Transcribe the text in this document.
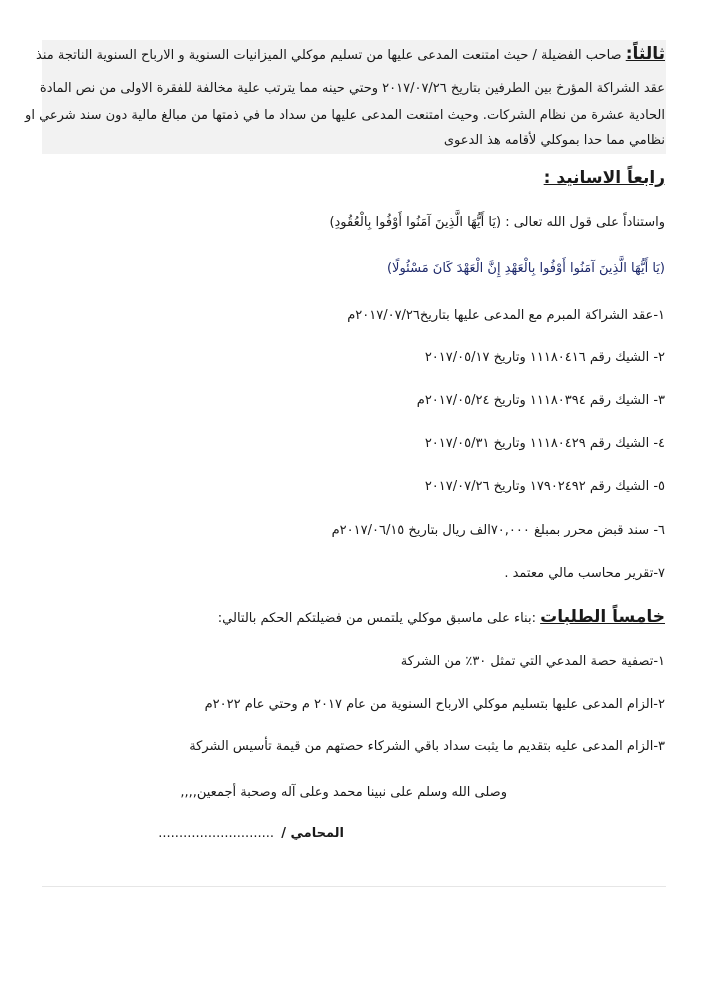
ثالثاً: صاحب الفضيلة / حيث امتنعت المدعى عليها من تسليم موكلي الميزانيات السنوية و الارباح السنوية الناتجة منذ
عقد الشراكة المؤرخ بين الطرفين بتاريخ ٢٠١٧/٠٧/٢٦ وحتي حينه مما يترتب علية مخالفة للفقرة الاولى من نص المادة
الحادية عشرة من نظام الشركات. وحيث امتنعت المدعى عليها من سداد ما في ذمتها من مبالغ مالية دون سند شرعي او
نظامي مما حدا بموكلي لأقامه هذ الدعوى
رابعاً الاسانيد :
واستناداً على قول الله تعالى : (يَا أَيُّهَا الَّذِينَ آمَنُوا أَوْفُوا بِالْعُقُودِ)
(يَا أَيُّهَا الَّذِينَ آمَنُوا أَوْفُوا بِالْعَهْدِ إِنَّ الْعَهْدَ كَانَ مَسْئُولًا)
١-عقد الشراكة المبرم مع المدعى عليها بتاريخ٢٠١٧/٠٧/٢٦م
٢- الشيك رقم ١١١٨٠٤١٦ وتاريخ ٢٠١٧/٠٥/١٧
٣- الشيك رقم ١١١٨٠٣٩٤ وتاريخ ٢٠١٧/٠٥/٢٤م
٤- الشيك رقم ١١١٨٠٤٢٩ وتاريخ ٢٠١٧/٠٥/٣١
٥- الشيك رقم ١٧٩٠٢٤٩٢ وتاريخ ٢٠١٧/٠٧/٢٦
٦- سند قبض محرر بمبلغ ٧٠,٠٠٠الف ريال بتاريخ ٢٠١٧/٠٦/١٥م
٧-تقرير محاسب مالي معتمد .
خامساً الطلبات :بناء على ماسبق موكلي يلتمس من فضيلتكم الحكم بالتالي:
١-تصفية حصة المدعي التي تمثل ٣٠٪ من الشركة
٢-الزام المدعى عليها بتسليم موكلي الارباح السنوية من عام ٢٠١٧ م وحتي عام ٢٠٢٢م
٣-الزام المدعى عليه بتقديم ما يثبت سداد باقي الشركاء حصتهم من قيمة تأسيس الشركة
وصلى الله وسلم على نبينا محمد وعلى آله وصحبة أجمعين,,,,
المحامي /
............................
